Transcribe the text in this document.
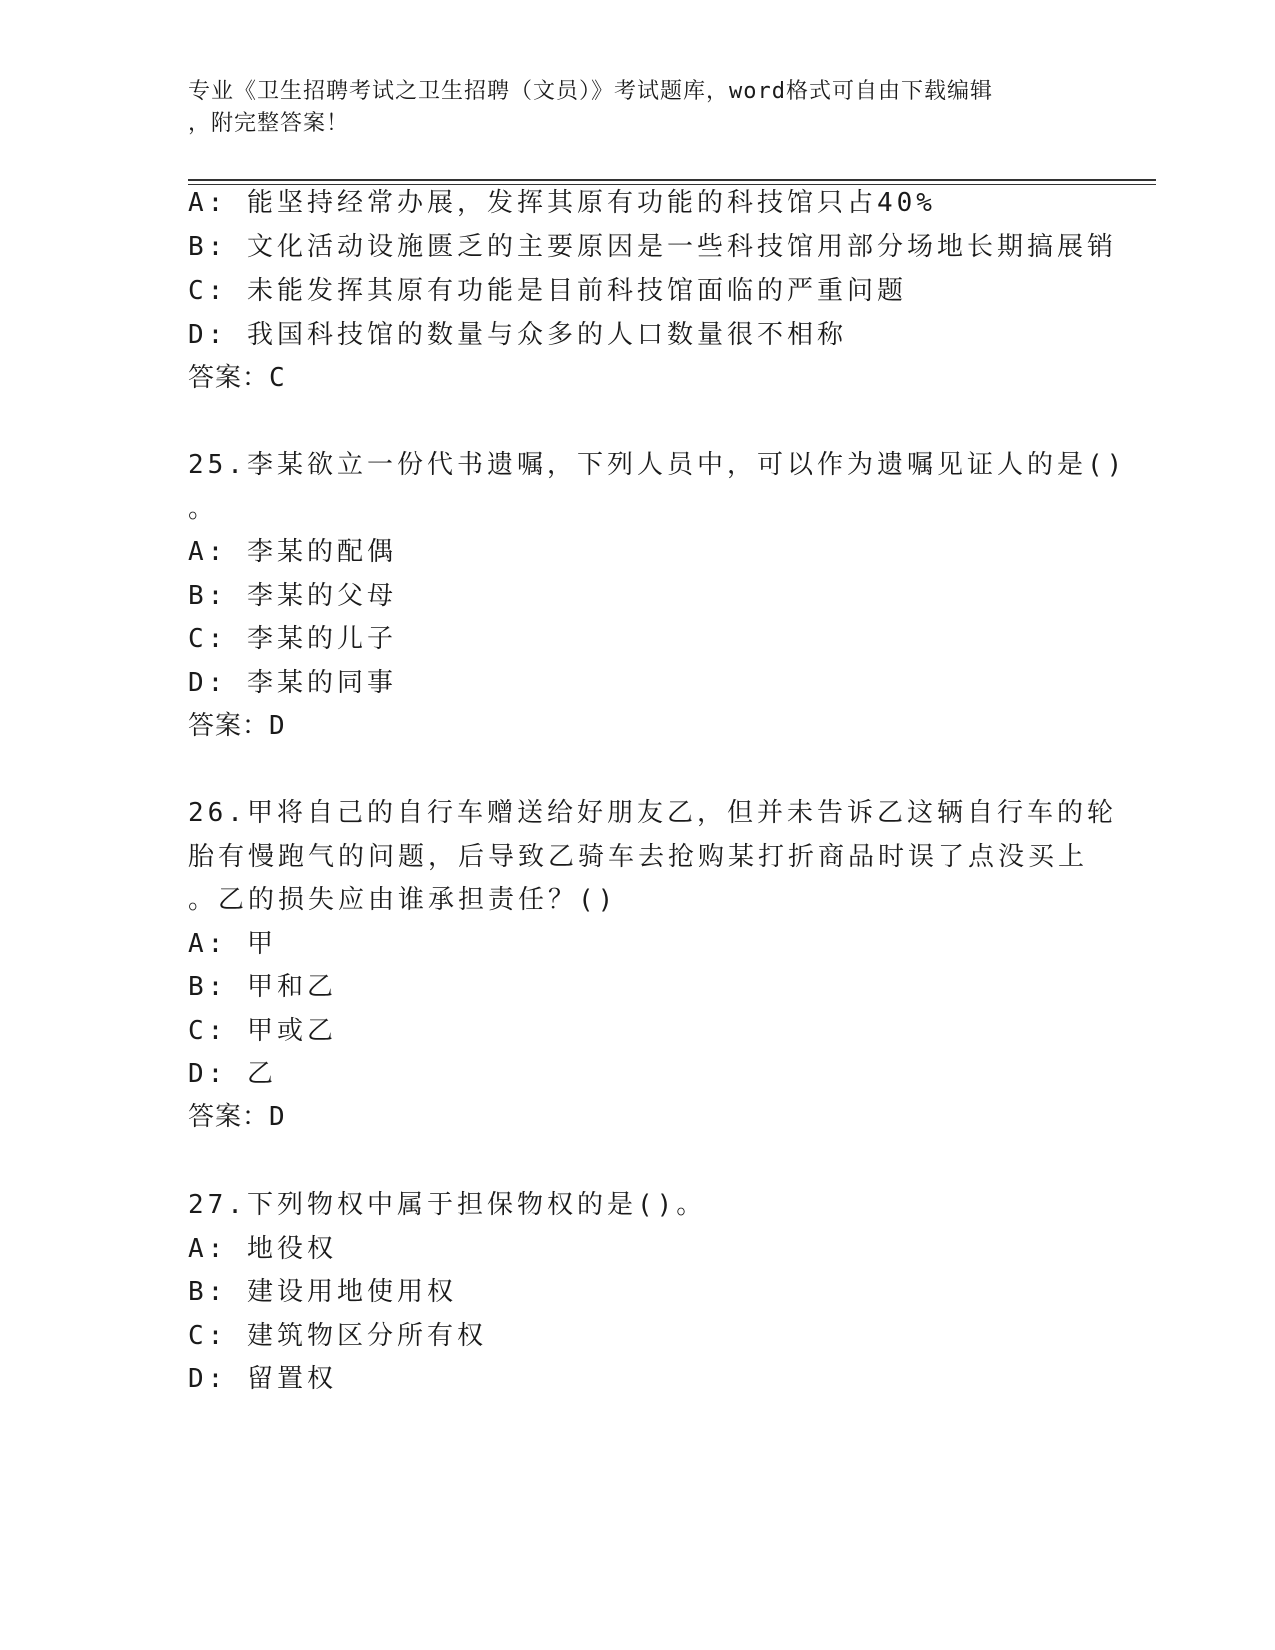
专业《卫生招聘考试之卫生招聘（文员）》考试题库，word格式可自由下载编辑
，附完整答案！
A: 能坚持经常办展，发挥其原有功能的科技馆只占40%
B: 文化活动设施匮乏的主要原因是一些科技馆用部分场地长期搞展销
C: 未能发挥其原有功能是目前科技馆面临的严重问题
D: 我国科技馆的数量与众多的人口数量很不相称
答案：C
25.李某欲立一份代书遗嘱，下列人员中，可以作为遗嘱见证人的是()
。
A: 李某的配偶
B: 李某的父母
C: 李某的儿子
D: 李某的同事
答案：D
26.甲将自己的自行车赠送给好朋友乙，但并未告诉乙这辆自行车的轮
胎有慢跑气的问题，后导致乙骑车去抢购某打折商品时误了点没买上
。乙的损失应由谁承担责任？()
A: 甲
B: 甲和乙
C: 甲或乙
D: 乙
答案：D
27.下列物权中属于担保物权的是()。
A: 地役权
B: 建设用地使用权
C: 建筑物区分所有权
D: 留置权
